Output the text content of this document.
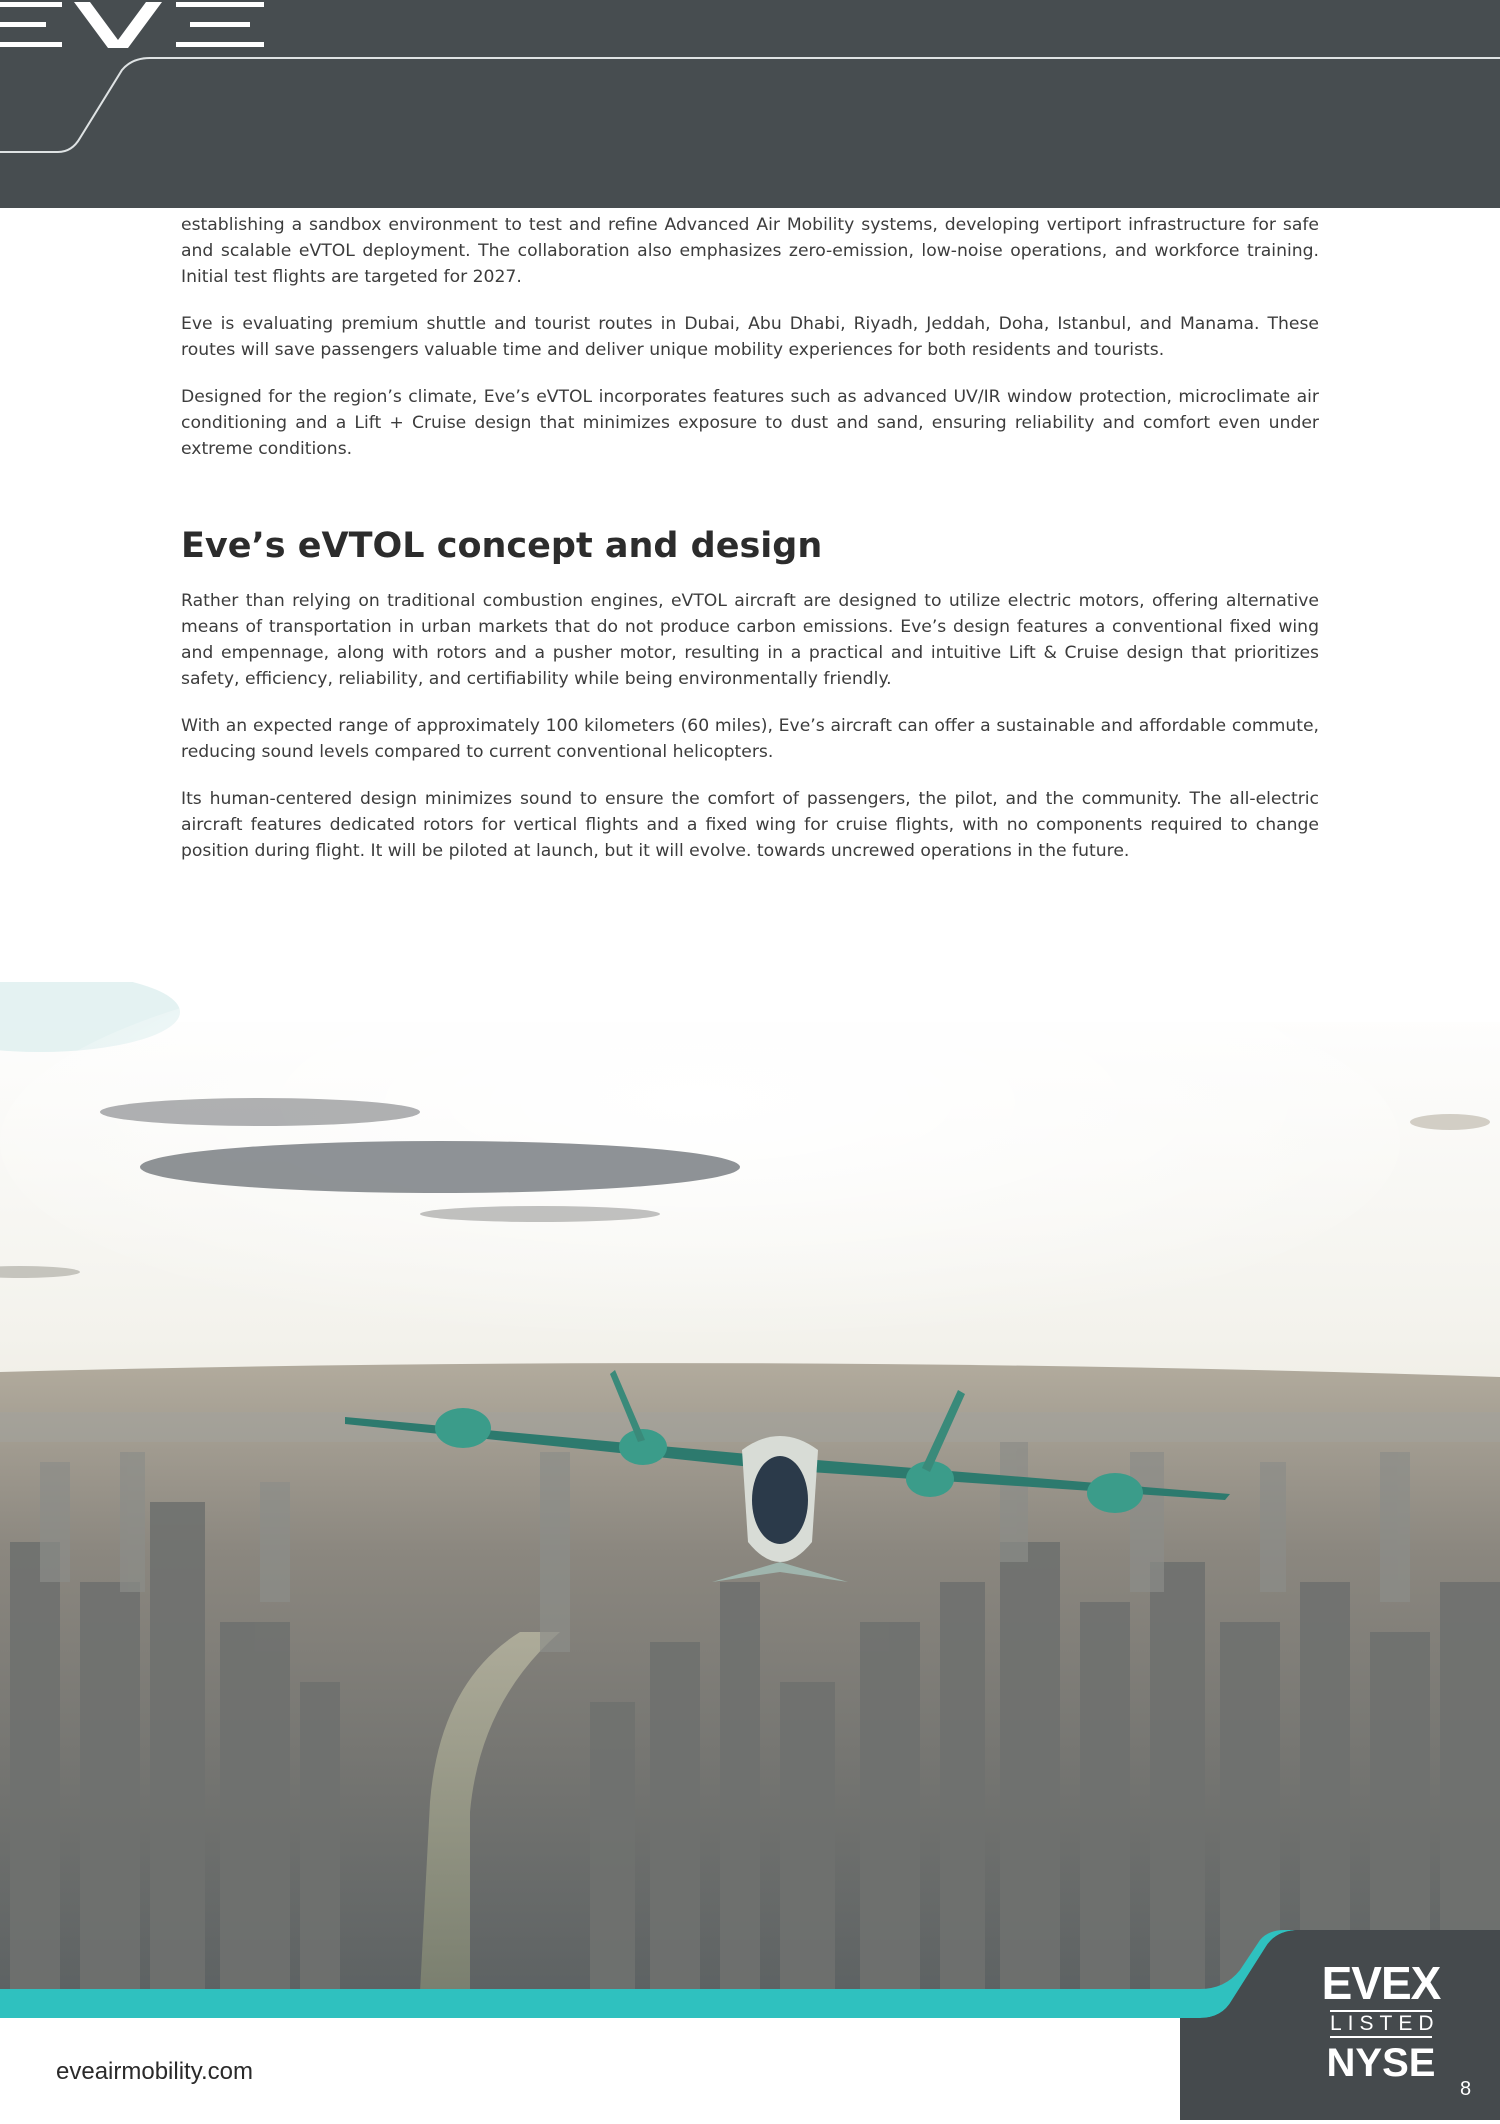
establishing a sandbox environment to test and refine Advanced Air Mobility systems, developing vertiport infrastructure for safe and scalable eVTOL deployment. The collaboration also emphasizes zero-emission, low-noise operations, and workforce training. Initial test flights are targeted for 2027.

Eve is evaluating premium shuttle and tourist routes in Dubai, Abu Dhabi, Riyadh, Jeddah, Doha, Istanbul, and Manama. These routes will save passengers valuable time and deliver unique mobility experiences for both residents and tourists.

Designed for the region’s climate, Eve’s eVTOL incorporates features such as advanced UV/IR window protection, microclimate air conditioning and a Lift + Cruise design that minimizes exposure to dust and sand, ensuring reliability and comfort even under extreme conditions.

Eve’s eVTOL concept and design

Rather than relying on traditional combustion engines, eVTOL aircraft are designed to utilize electric motors, offering alternative means of transportation in urban markets that do not produce carbon emissions. Eve’s design features a conventional fixed wing and empennage, along with rotors and a pusher motor, resulting in a practical and intuitive Lift & Cruise design that prioritizes safety, efficiency, reliability, and certifiability while being environmentally friendly.

With an expected range of approximately 100 kilometers (60 miles), Eve’s aircraft can offer a sustainable and affordable commute, reducing sound levels compared to current conventional helicopters.

Its human-centered design minimizes sound to ensure the comfort of passengers, the pilot, and the community. The all-electric aircraft features dedicated rotors for vertical flights and a fixed wing for cruise flights, with no components required to change position during flight. It will be piloted at launch, but it will evolve. towards uncrewed operations in the future.

eveairmobility.com
EVEX
LISTED
NYSE
8
